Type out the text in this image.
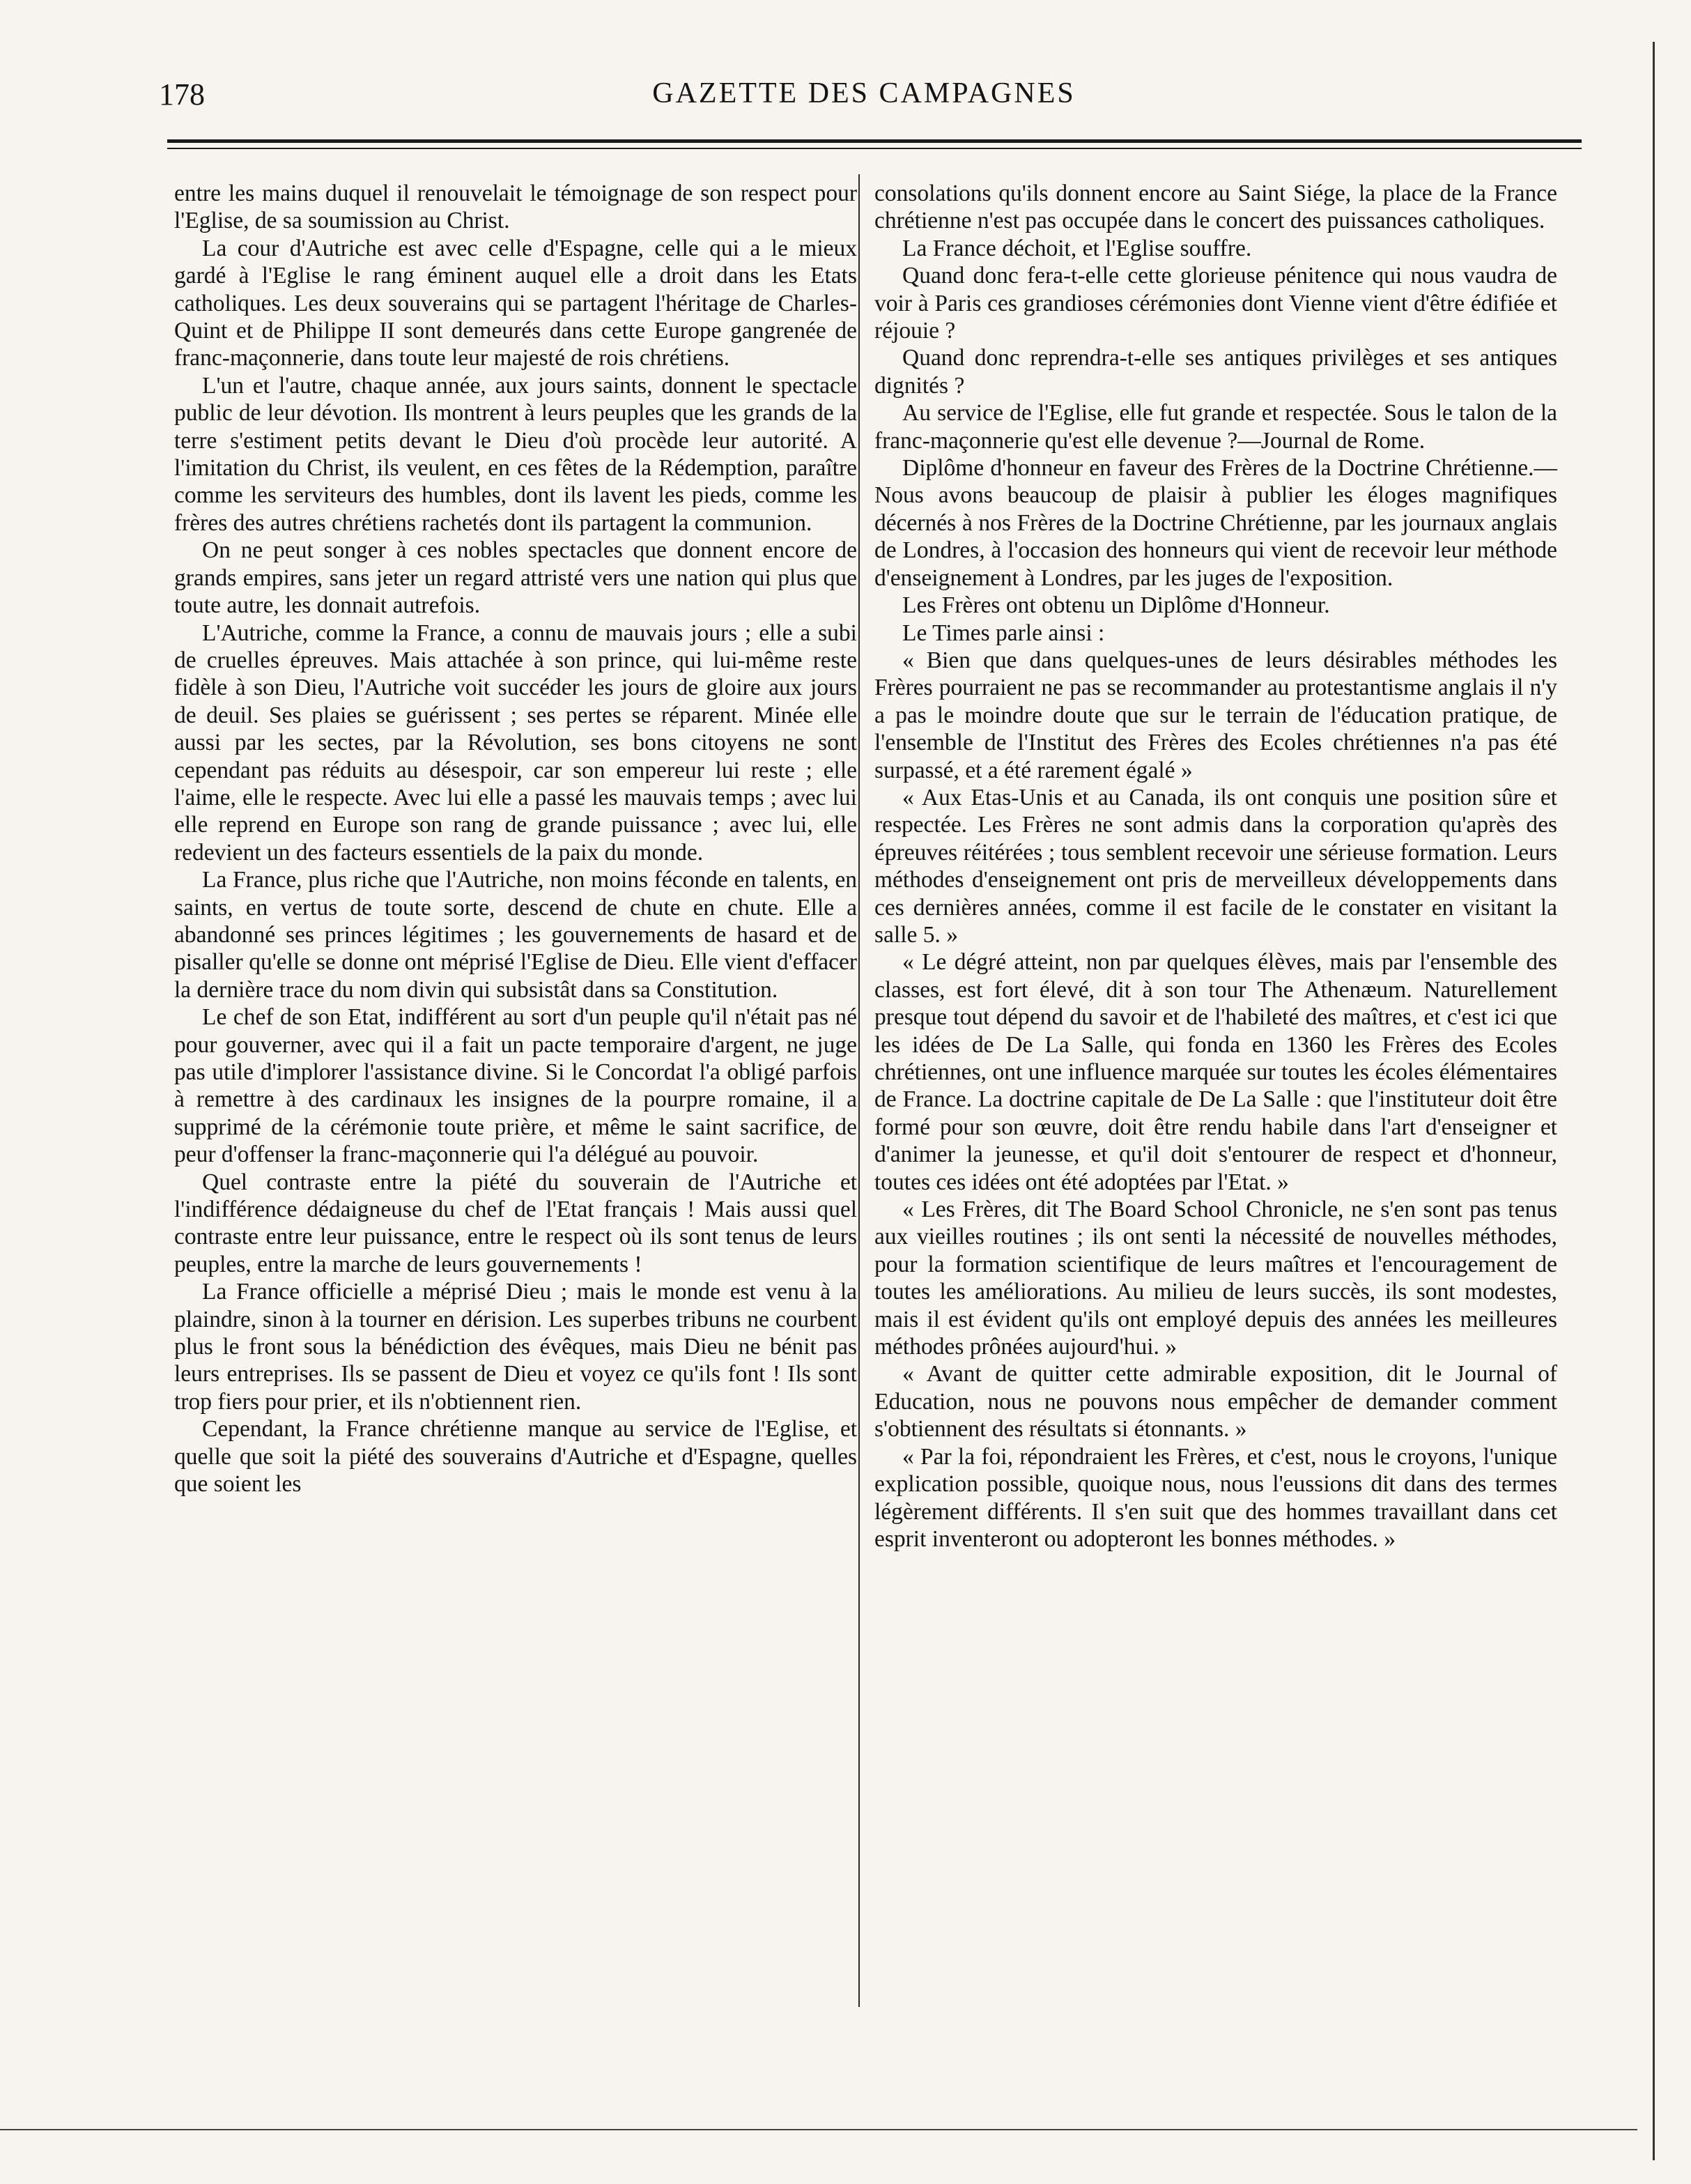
178	GAZETTE DES CAMPAGNES

entre les mains duquel il renouvelait le témoignage de son respect pour l'Eglise, de sa soumission au Christ.

La cour d'Autriche est avec celle d'Espagne, celle qui a le mieux gardé à l'Eglise le rang éminent auquel elle a droit dans les Etats catholiques. Les deux souverains qui se partagent l'héritage de Charles-Quint et de Philippe II sont demeurés dans cette Europe gangrenée de franc-maçonnerie, dans toute leur majesté de rois chrétiens.

L'un et l'autre, chaque année, aux jours saints, donnent le spectacle public de leur dévotion. Ils montrent à leurs peuples que les grands de la terre s'estiment petits devant le Dieu d'où procède leur autorité. A l'imitation du Christ, ils veulent, en ces fêtes de la Rédemption, paraître comme les serviteurs des humbles, dont ils lavent les pieds, comme les frères des autres chrétiens rachetés dont ils partagent la communion.

On ne peut songer à ces nobles spectacles que donnent encore de grands empires, sans jeter un regard attristé vers une nation qui plus que toute autre, les donnait autrefois.

L'Autriche, comme la France, a connu de mauvais jours ; elle a subi de cruelles épreuves. Mais attachée à son prince, qui lui-même reste fidèle à son Dieu, l'Autriche voit succéder les jours de gloire aux jours de deuil. Ses plaies se guérissent ; ses pertes se réparent. Minée elle aussi par les sectes, par la Révolution, ses bons citoyens ne sont cependant pas réduits au désespoir, car son empereur lui reste ; elle l'aime, elle le respecte. Avec lui elle a passé les mauvais temps ; avec lui elle reprend en Europe son rang de grande puissance ; avec lui, elle redevient un des facteurs essentiels de la paix du monde.

La France, plus riche que l'Autriche, non moins féconde en talents, en saints, en vertus de toute sorte, descend de chute en chute. Elle a abandonné ses princes légitimes ; les gouvernements de hasard et de pisaller qu'elle se donne ont méprisé l'Eglise de Dieu. Elle vient d'effacer la dernière trace du nom divin qui subsistât dans sa Constitution.

Le chef de son Etat, indifférent au sort d'un peuple qu'il n'était pas né pour gouverner, avec qui il a fait un pacte temporaire d'argent, ne juge pas utile d'implorer l'assistance divine. Si le Concordat l'a obligé parfois à remettre à des cardinaux les insignes de la pourpre romaine, il a supprimé de la cérémonie toute prière, et même le saint sacrifice, de peur d'offenser la franc-maçonnerie qui l'a délégué au pouvoir.

Quel contraste entre la piété du souverain de l'Autriche et l'indifférence dédaigneuse du chef de l'Etat français ! Mais aussi quel contraste entre leur puissance, entre le respect où ils sont tenus de leurs peuples, entre la marche de leurs gouvernements !

La France officielle a méprisé Dieu ; mais le monde est venu à la plaindre, sinon à la tourner en dérision. Les superbes tribuns ne courbent plus le front sous la bénédiction des évêques, mais Dieu ne bénit pas leurs entreprises. Ils se passent de Dieu et voyez ce qu'ils font ! Ils sont trop fiers pour prier, et ils n'obtiennent rien.

Cependant, la France chrétienne manque au service de l'Eglise, et quelle que soit la piété des souverains d'Autriche et d'Espagne, quelles que soient les

consolations qu'ils donnent encore au Saint Siége, la place de la France chrétienne n'est pas occupée dans le concert des puissances catholiques.

La France déchoit, et l'Eglise souffre.

Quand donc fera-t-elle cette glorieuse pénitence qui nous vaudra de voir à Paris ces grandioses cérémonies dont Vienne vient d'être édifiée et réjouie ?

Quand donc reprendra-t-elle ses antiques privilèges et ses antiques dignités ?

Au service de l'Eglise, elle fut grande et respectée. Sous le talon de la franc-maçonnerie qu'est elle devenue ?—Journal de Rome.

Diplôme d'honneur en faveur des Frères de la Doctrine Chrétienne.—Nous avons beaucoup de plaisir à publier les éloges magnifiques décernés à nos Frères de la Doctrine Chrétienne, par les journaux anglais de Londres, à l'occasion des honneurs qui vient de recevoir leur méthode d'enseignement à Londres, par les juges de l'exposition.

Les Frères ont obtenu un Diplôme d'Honneur.

Le Times parle ainsi :

« Bien que dans quelques-unes de leurs désirables méthodes les Frères pourraient ne pas se recommander au protestantisme anglais il n'y a pas le moindre doute que sur le terrain de l'éducation pratique, de l'ensemble de l'Institut des Frères des Ecoles chrétiennes n'a pas été surpassé, et a été rarement égalé »

« Aux Etas-Unis et au Canada, ils ont conquis une position sûre et respectée. Les Frères ne sont admis dans la corporation qu'après des épreuves réitérées ; tous semblent recevoir une sérieuse formation. Leurs méthodes d'enseignement ont pris de merveilleux développements dans ces dernières années, comme il est facile de le constater en visitant la salle 5. »

« Le dégré atteint, non par quelques élèves, mais par l'ensemble des classes, est fort élevé, dit à son tour The Athenæum. Naturellement presque tout dépend du savoir et de l'habileté des maîtres, et c'est ici que les idées de De La Salle, qui fonda en 1360 les Frères des Ecoles chrétiennes, ont une influence marquée sur toutes les écoles élémentaires de France. La doctrine capitale de De La Salle : que l'instituteur doit être formé pour son œuvre, doit être rendu habile dans l'art d'enseigner et d'animer la jeunesse, et qu'il doit s'entourer de respect et d'honneur, toutes ces idées ont été adoptées par l'Etat. »

« Les Frères, dit The Board School Chronicle, ne s'en sont pas tenus aux vieilles routines ; ils ont senti la nécessité de nouvelles méthodes, pour la formation scientifique de leurs maîtres et l'encouragement de toutes les améliorations. Au milieu de leurs succès, ils sont modestes, mais il est évident qu'ils ont employé depuis des années les meilleures méthodes prônées aujourd'hui. »

« Avant de quitter cette admirable exposition, dit le Journal of Education, nous ne pouvons nous empêcher de demander comment s'obtiennent des résultats si étonnants. »

« Par la foi, répondraient les Frères, et c'est, nous le croyons, l'unique explication possible, quoique nous, nous l'eussions dit dans des termes légèrement différents. Il s'en suit que des hommes travaillant dans cet esprit inventeront ou adopteront les bonnes méthodes. »
